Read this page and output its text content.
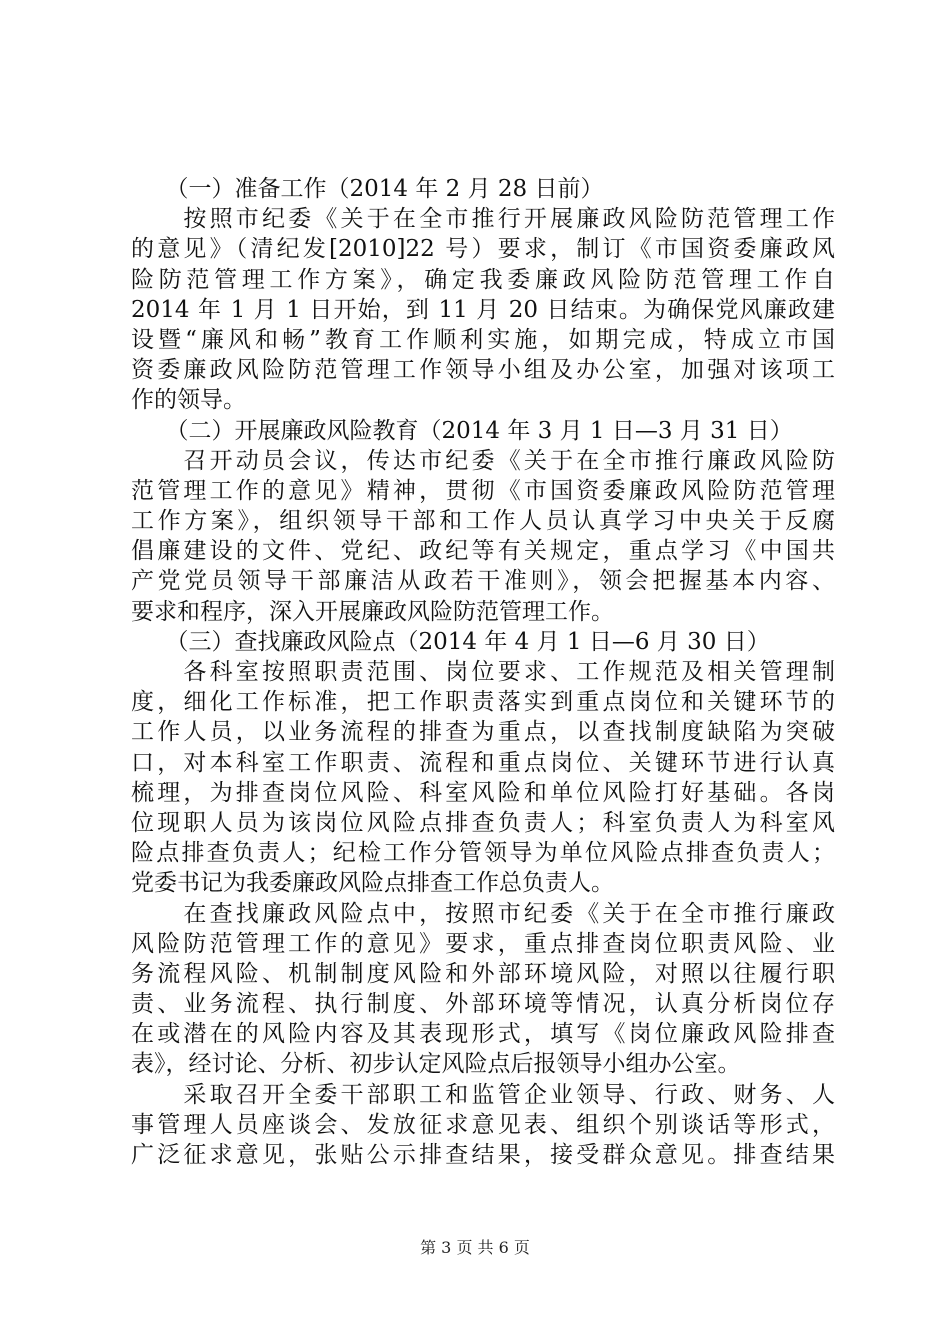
　　（一）准备工作（2014 年 2 月 28 日前）
　　按照市纪委《关于在全市推行开展廉政风险防范管理工作
的意见》（清纪发[2010]22 号）要求，制订《市国资委廉政风
险防范管理工作方案》，确定我委廉政风险防范管理工作自
2014 年 1 月 1 日开始，到 11 月 20 日结束。为确保党风廉政建
设暨“廉风和畅”教育工作顺利实施，如期完成，特成立市国
资委廉政风险防范管理工作领导小组及办公室，加强对该项工
作的领导。
　　（二）开展廉政风险教育（2014 年 3 月 1 日—3 月 31 日）
　　召开动员会议，传达市纪委《关于在全市推行廉政风险防
范管理工作的意见》精神，贯彻《市国资委廉政风险防范管理
工作方案》，组织领导干部和工作人员认真学习中央关于反腐
倡廉建设的文件、党纪、政纪等有关规定，重点学习《中国共
产党党员领导干部廉洁从政若干准则》，领会把握基本内容、
要求和程序，深入开展廉政风险防范管理工作。
　　（三）查找廉政风险点（2014 年 4 月 1 日—6 月 30 日）
　　各科室按照职责范围、岗位要求、工作规范及相关管理制
度，细化工作标准，把工作职责落实到重点岗位和关键环节的
工作人员，以业务流程的排查为重点，以查找制度缺陷为突破
口，对本科室工作职责、流程和重点岗位、关键环节进行认真
梳理，为排查岗位风险、科室风险和单位风险打好基础。各岗
位现职人员为该岗位风险点排查负责人；科室负责人为科室风
险点排查负责人；纪检工作分管领导为单位风险点排查负责人；
党委书记为我委廉政风险点排查工作总负责人。
　　在查找廉政风险点中，按照市纪委《关于在全市推行廉政
风险防范管理工作的意见》要求，重点排查岗位职责风险、业
务流程风险、机制制度风险和外部环境风险，对照以往履行职
责、业务流程、执行制度、外部环境等情况，认真分析岗位存
在或潜在的风险内容及其表现形式，填写《岗位廉政风险排查
表》，经讨论、分析、初步认定风险点后报领导小组办公室。
　　采取召开全委干部职工和监管企业领导、行政、财务、人
事管理人员座谈会、发放征求意见表、组织个别谈话等形式，
广泛征求意见，张贴公示排查结果，接受群众意见。排查结果
第 3 页 共 6 页
